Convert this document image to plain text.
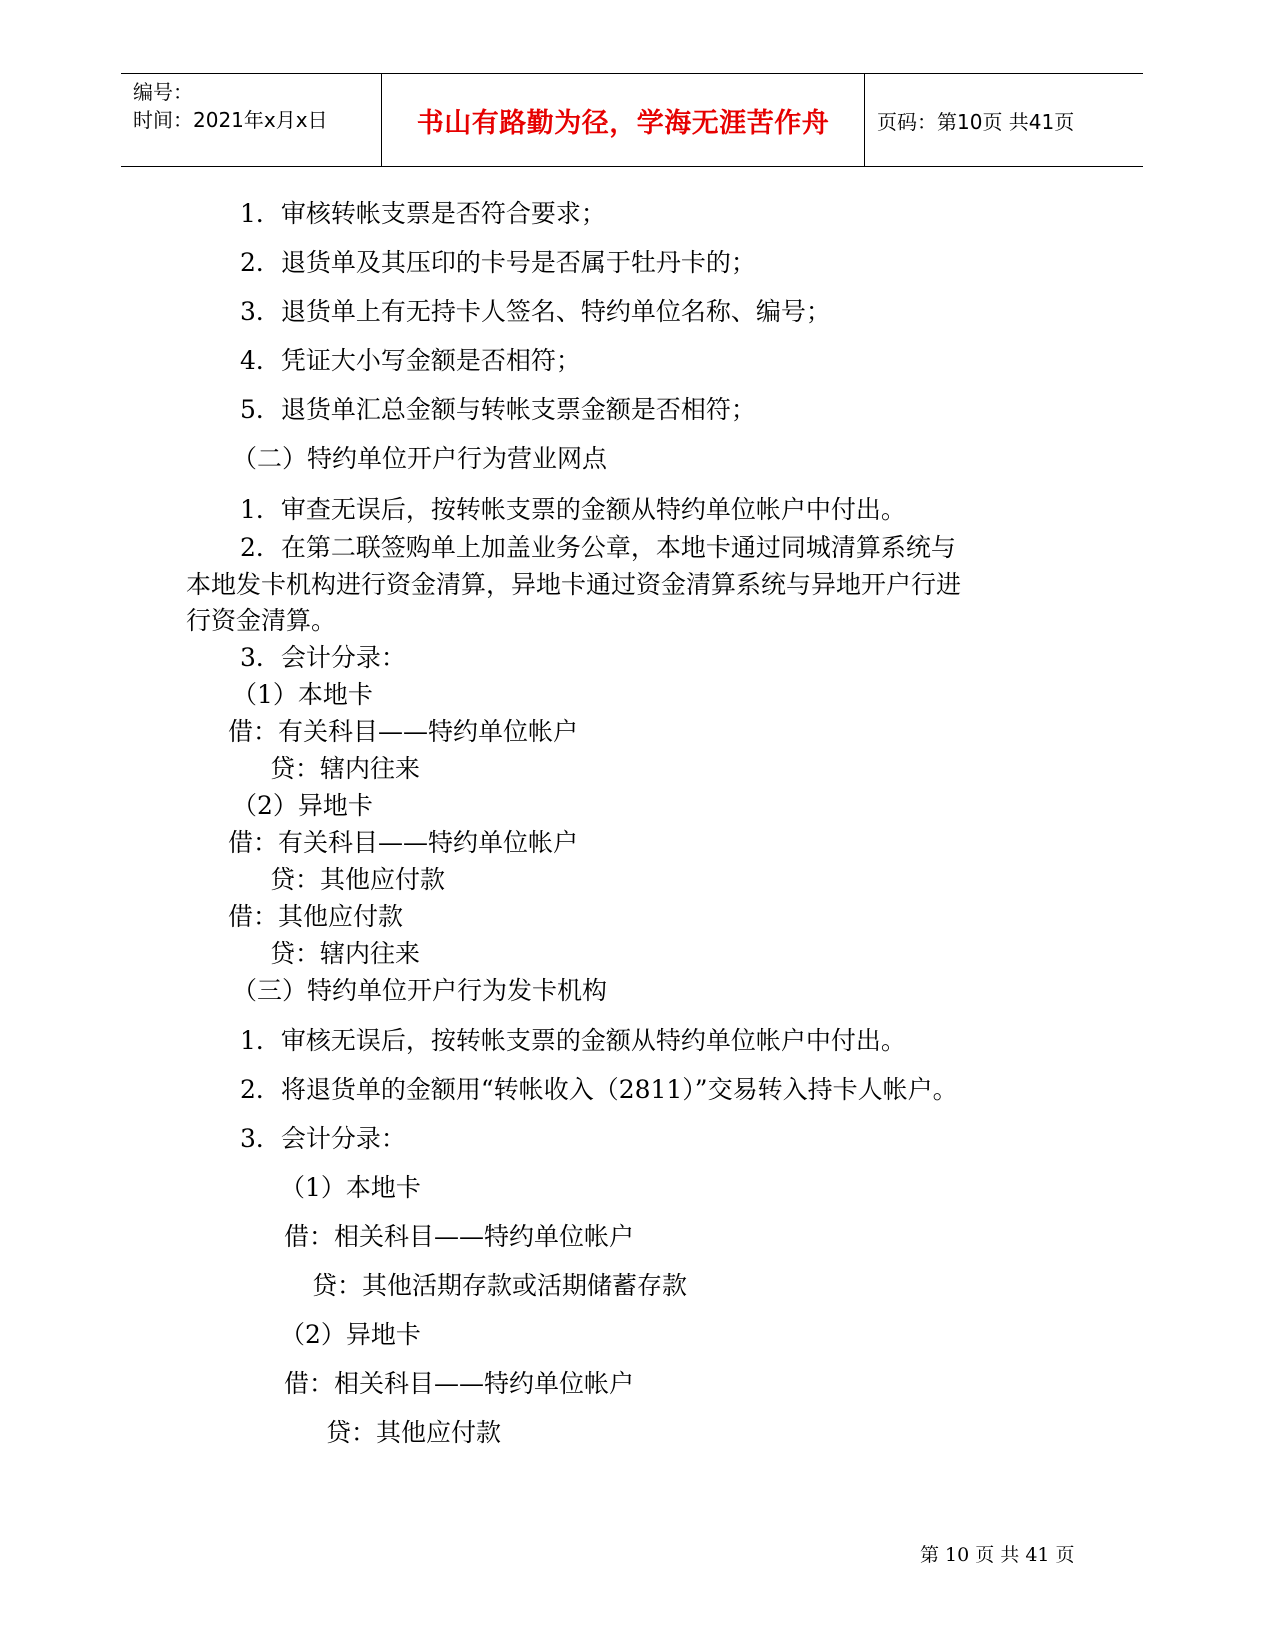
编号：
时间：2021年x月x日	书山有路勤为径，学海无涯苦作舟	页码：第10页 共41页
1．审核转帐支票是否符合要求；
2．退货单及其压印的卡号是否属于牡丹卡的；
3．退货单上有无持卡人签名、特约单位名称、编号；
4．凭证大小写金额是否相符；
5．退货单汇总金额与转帐支票金额是否相符；
（二）特约单位开户行为营业网点
1．审查无误后，按转帐支票的金额从特约单位帐户中付出。
2．在第二联签购单上加盖业务公章，本地卡通过同城清算系统与
本地发卡机构进行资金清算，异地卡通过资金清算系统与异地开户行进
行资金清算。
3．会计分录：
（1）本地卡
借：有关科目——特约单位帐户
贷：辖内往来
（2）异地卡
借：有关科目——特约单位帐户
贷：其他应付款
借：其他应付款
贷：辖内往来
（三）特约单位开户行为发卡机构
1．审核无误后，按转帐支票的金额从特约单位帐户中付出。
2．将退货单的金额用“转帐收入（2811）”交易转入持卡人帐户。
3．会计分录：
（1）本地卡
借：相关科目——特约单位帐户
贷：其他活期存款或活期储蓄存款
（2）异地卡
借：相关科目——特约单位帐户
贷：其他应付款
第 10 页 共 41 页
